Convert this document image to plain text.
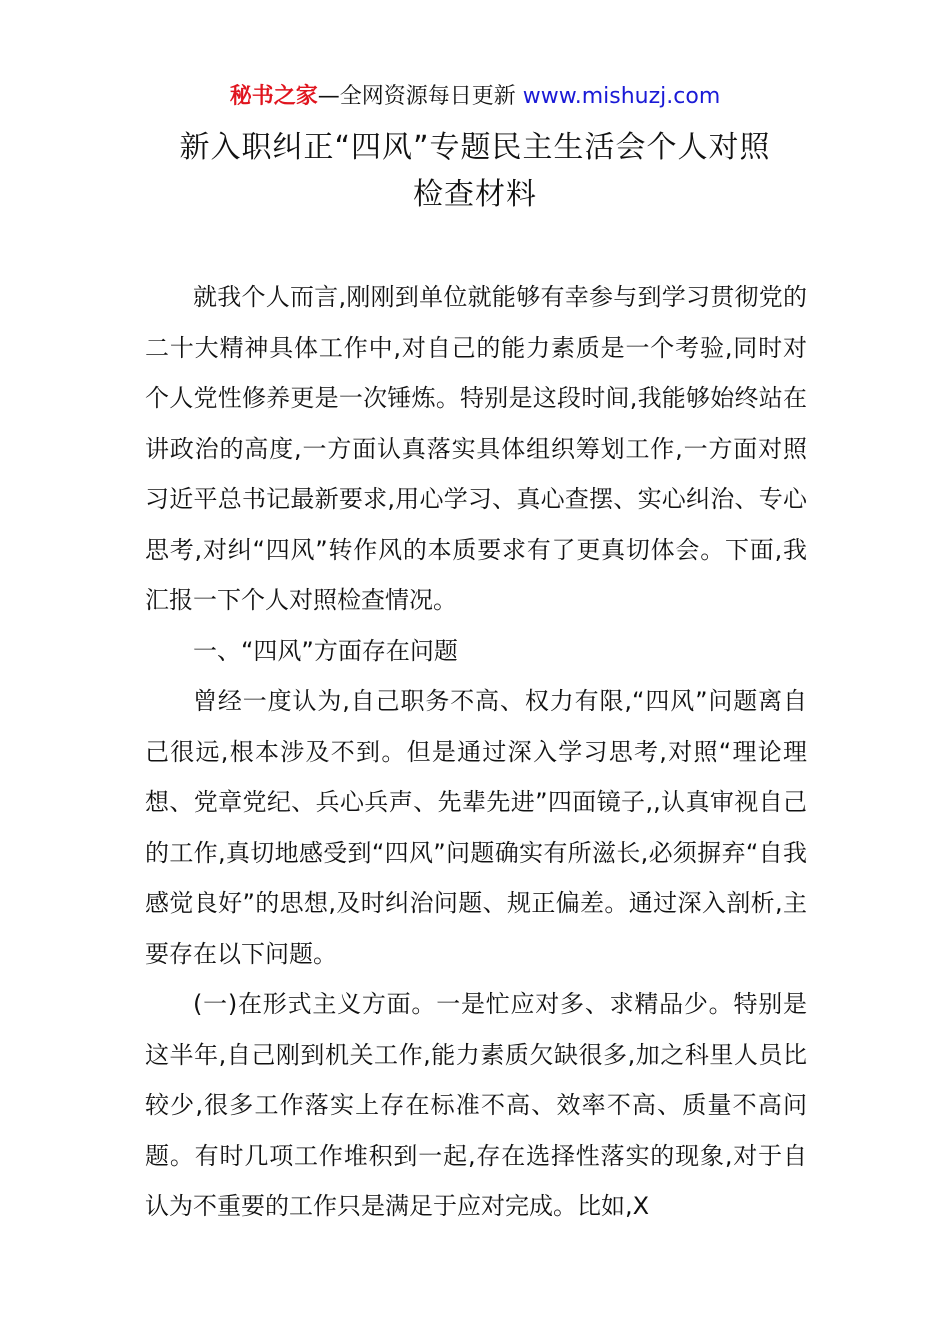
秘书之家—全网资源每日更新 www.mishuzj.com
新入职纠正“四风”专题民主生活会个人对照
检查材料

就我个人而言,刚刚到单位就能够有幸参与到学习贯彻党的二十大精神具体工作中,对自己的能力素质是一个考验,同时对个人党性修养更是一次锤炼。特别是这段时间,我能够始终站在讲政治的高度,一方面认真落实具体组织筹划工作,一方面对照习近平总书记最新要求,用心学习、真心查摆、实心纠治、专心思考,对纠“四风”转作风的本质要求有了更真切体会。下面,我汇报一下个人对照检查情况。

一、“四风”方面存在问题

曾经一度认为,自己职务不高、权力有限,“四风”问题离自己很远,根本涉及不到。但是通过深入学习思考,对照“理论理想、党章党纪、兵心兵声、先辈先进”四面镜子,,认真审视自己的工作,真切地感受到“四风”问题确实有所滋长,必须摒弃“自我感觉良好”的思想,及时纠治问题、规正偏差。通过深入剖析,主要存在以下问题。

(一)在形式主义方面。一是忙应对多、求精品少。特别是这半年,自己刚到机关工作,能力素质欠缺很多,加之科里人员比较少,很多工作落实上存在标准不高、效率不高、质量不高问题。有时几项工作堆积到一起,存在选择性落实的现象,对于自认为不重要的工作只是满足于应对完成。比如,X
